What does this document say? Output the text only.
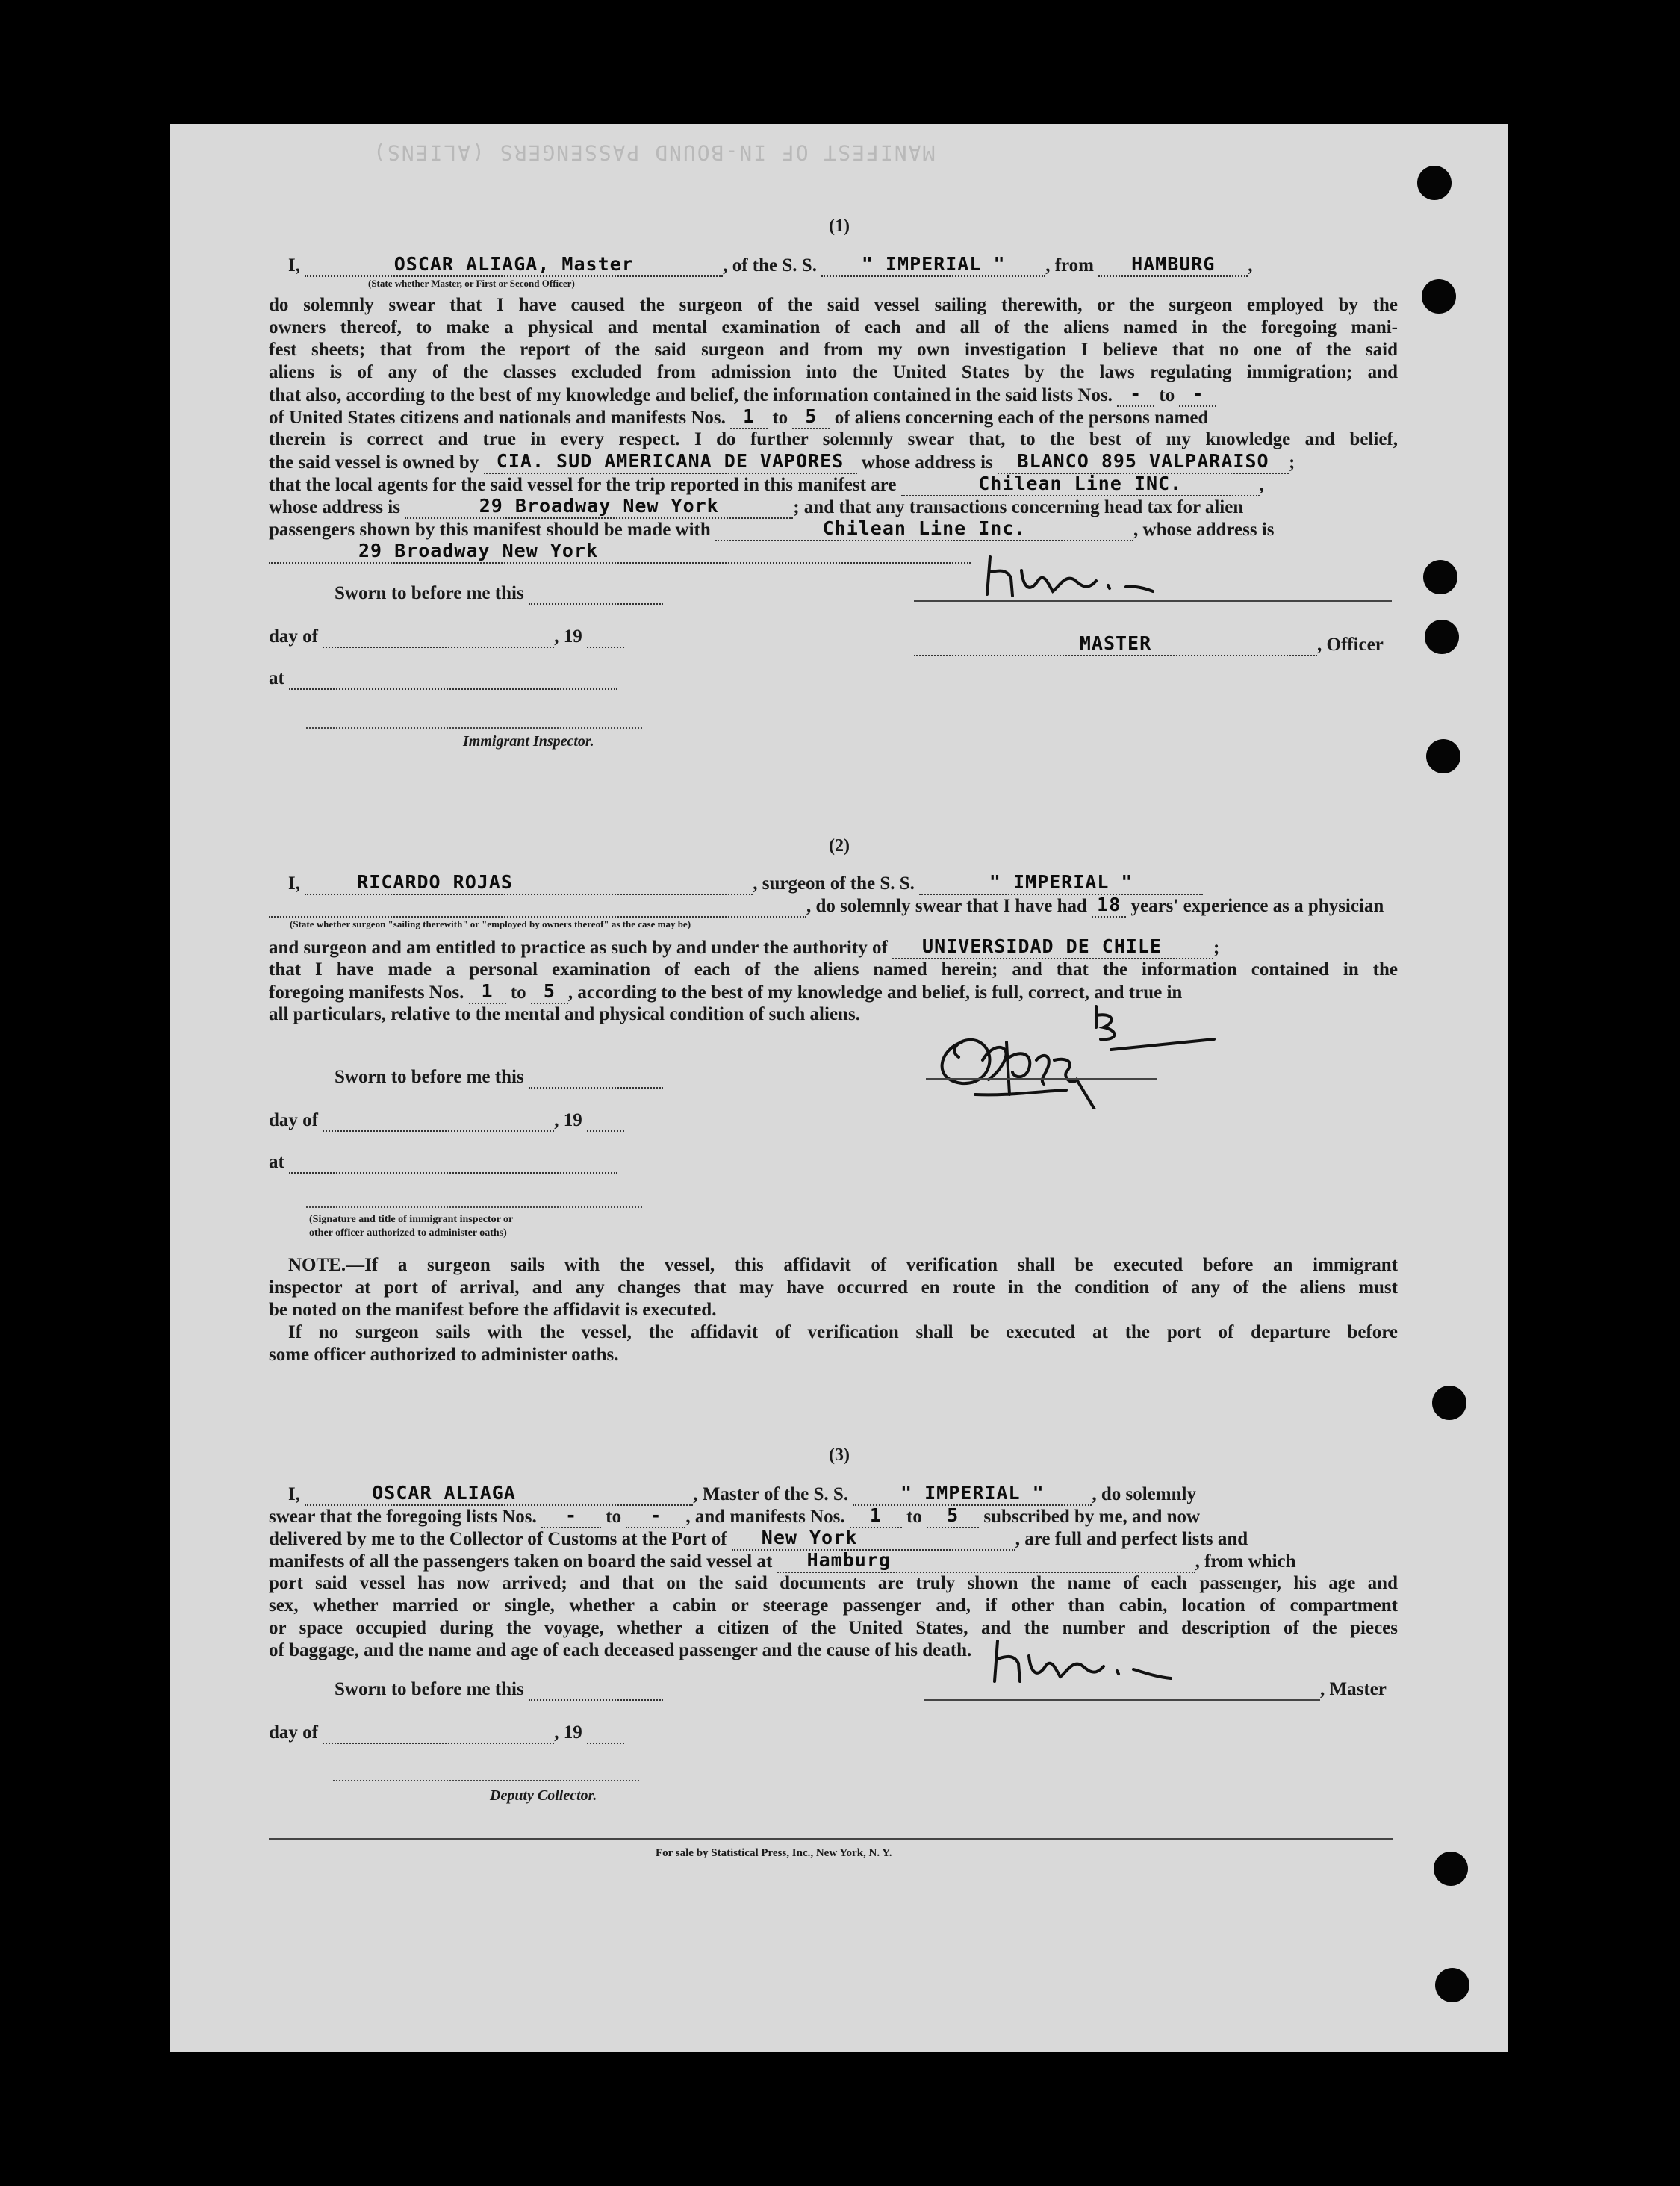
MANIFEST OF IN-BOUND PASSENGERS (ALIENS)
(1)
I,	OSCAR ALIAGA, Master	, of the S. S. " IMPERIAL " , from HAMBURG ,
(State whether Master, or First or Second Officer)
do solemnly swear that I have caused the surgeon of the said vessel sailing therewith, or the surgeon employed by the
owners thereof, to make a physical and mental examination of each and all of the aliens named in the foregoing mani-
fest sheets; that from the report of the said surgeon and from my own investigation I believe that no one of the said
aliens is of any of the classes excluded from admission into the United States by the laws regulating immigration; and
that also, according to the best of my knowledge and belief, the information contained in the said lists Nos. - to -
of United States citizens and nationals and manifests Nos. 1 to 5 of aliens concerning each of the persons named
therein is correct and true in every respect. I do further solemnly swear that, to the best of my knowledge and belief,
the said vessel is owned by CIA. SUD AMERICANA DE VAPORES whose address is BLANCO 895 VALPARAISO ;
that the local agents for the said vessel for the trip reported in this manifest are	Chilean Line INC.	,
whose address is	29 Broadway New York	; and that any transactions concerning head tax for alien
passengers shown by this manifest should be made with	Chilean Line Inc.	, whose address is
29 Broadway New York
Sworn to before me this
day of	, 19
at
Immigrant Inspector.
MASTER	, Officer
(2)
I,	RICARDO ROJAS	, surgeon of the S. S.	" IMPERIAL "
, do solemnly swear that I have had 18 years' experience as a physician
(State whether surgeon "sailing therewith" or "employed by owners thereof" as the case may be)
and surgeon and am entitled to practice as such by and under the authority of UNIVERSIDAD DE CHILE	;
that I have made a personal examination of each of the aliens named herein; and that the information contained in the
foregoing manifests Nos. 1 to 5 , according to the best of my knowledge and belief, is full, correct, and true in
all particulars, relative to the mental and physical condition of such aliens.
Sworn to before me this
day of	, 19
at
(Signature and title of immigrant inspector or
other officer authorized to administer oaths)
NOTE.—If a surgeon sails with the vessel, this affidavit of verification shall be executed before an immigrant
inspector at port of arrival, and any changes that may have occurred en route in the condition of any of the aliens must
be noted on the manifest before the affidavit is executed.
If no surgeon sails with the vessel, the affidavit of verification shall be executed at the port of departure before
some officer authorized to administer oaths.
(3)
I,	OSCAR ALIAGA	, Master of the S. S.	" IMPERIAL "	, do solemnly
swear that the foregoing lists Nos. - to - , and manifests Nos. 1 to 5 subscribed by me, and now
delivered by me to the Collector of Customs at the Port of New York	, are full and perfect lists and
manifests of all the passengers taken on board the said vessel at Hamburg	, from which
port said vessel has now arrived; and that on the said documents are truly shown the name of each passenger, his age and
sex, whether married or single, whether a cabin or steerage passenger and, if other than cabin, location of compartment
or space occupied during the voyage, whether a citizen of the United States, and the number and description of the pieces
of baggage, and the name and age of each deceased passenger and the cause of his death.
Sworn to before me this	, Master
day of	, 19
Deputy Collector.
For sale by Statistical Press, Inc., New York, N. Y.
